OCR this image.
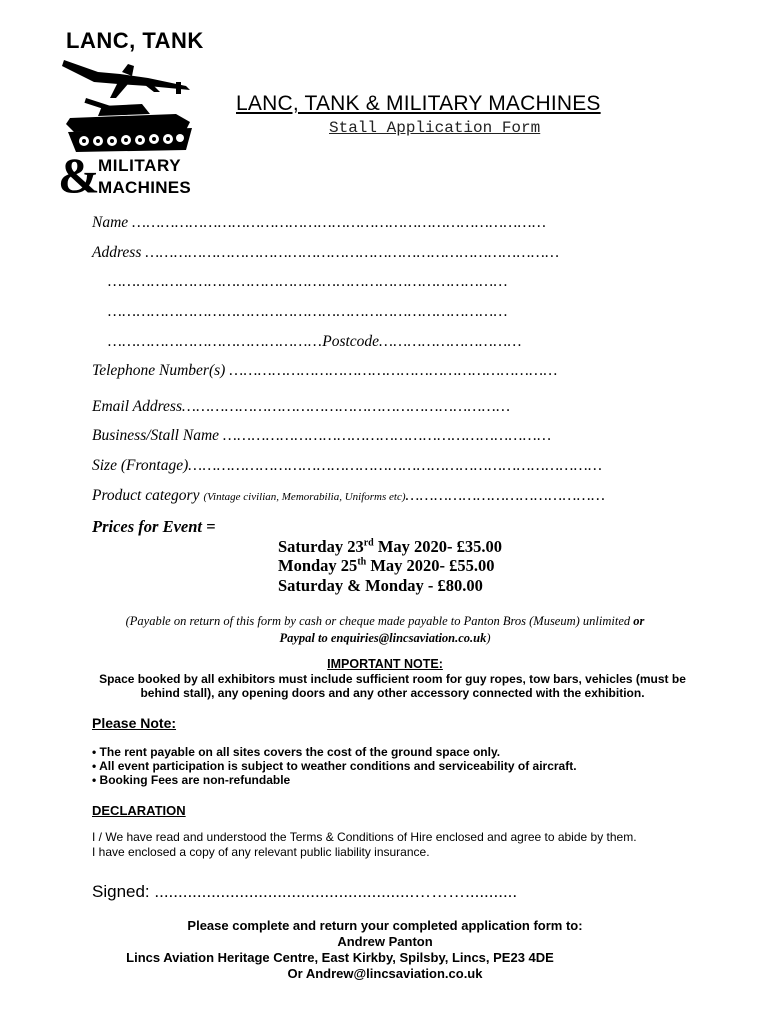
LANC, TANK
&
MILITARY
MACHINES
LANC, TANK & MILITARY MACHINES
Stall Application Form
Name ……………………………………………………………………………
Address ……………………………………………………………………………
…………………………………………………………………………
…………………………………………………………………………
………………………………………Postcode…………………………
Telephone Number(s) ……………………………………………………………
Email Address……………………………………………………………
Business/Stall Name ……………………………………………………………
Size (Frontage)……………………………………………………………………………
Product category (Vintage civilian, Memorabilia, Uniforms etc)……………………………………
Prices for Event =
Saturday 23rd May 2020- £35.00
Monday 25th May 2020- £55.00
Saturday & Monday - £80.00
(Payable on return of this form by cash or cheque made payable to Panton Bros (Museum) unlimited or
Paypal to enquiries@lincsaviation.co.uk)
IMPORTANT NOTE:
Space booked by all exhibitors must include sufficient room for guy ropes, tow bars, vehicles (must be behind stall), any opening doors and any other accessory connected with the exhibition.
Please Note:
• The rent payable on all sites covers the cost of the ground space only.
• All event participation is subject to weather conditions and serviceability of aircraft.
• Booking Fees are non-refundable
DECLARATION
I / We have read and understood the Terms & Conditions of Hire enclosed and agree to abide by them.
I have enclosed a copy of any relevant public liability insurance.
Signed: .......................................................………...........
Please complete and return your completed application form to:
Andrew Panton
Lincs Aviation Heritage Centre, East Kirkby, Spilsby, Lincs, PE23 4DE
Or Andrew@lincsaviation.co.uk
